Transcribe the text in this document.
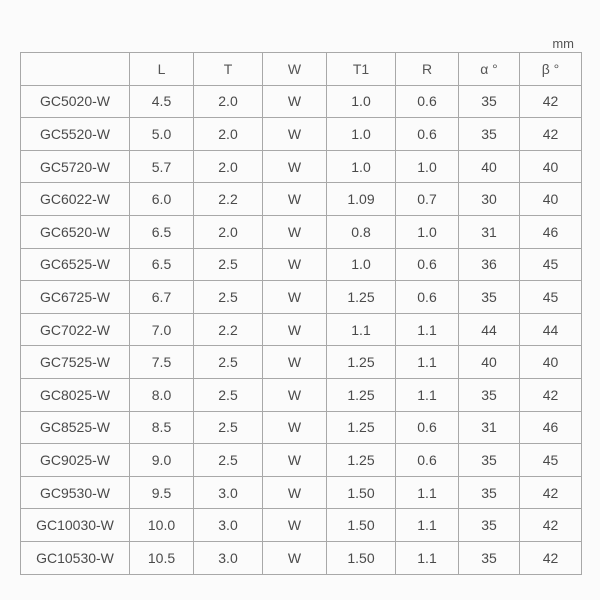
mm
	L	T	W	T1	R	α °	β °
GC5020-W	4.5	2.0	W	1.0	0.6	35	42
GC5520-W	5.0	2.0	W	1.0	0.6	35	42
GC5720-W	5.7	2.0	W	1.0	1.0	40	40
GC6022-W	6.0	2.2	W	1.09	0.7	30	40
GC6520-W	6.5	2.0	W	0.8	1.0	31	46
GC6525-W	6.5	2.5	W	1.0	0.6	36	45
GC6725-W	6.7	2.5	W	1.25	0.6	35	45
GC7022-W	7.0	2.2	W	1.1	1.1	44	44
GC7525-W	7.5	2.5	W	1.25	1.1	40	40
GC8025-W	8.0	2.5	W	1.25	1.1	35	42
GC8525-W	8.5	2.5	W	1.25	0.6	31	46
GC9025-W	9.0	2.5	W	1.25	0.6	35	45
GC9530-W	9.5	3.0	W	1.50	1.1	35	42
GC10030-W	10.0	3.0	W	1.50	1.1	35	42
GC10530-W	10.5	3.0	W	1.50	1.1	35	42
